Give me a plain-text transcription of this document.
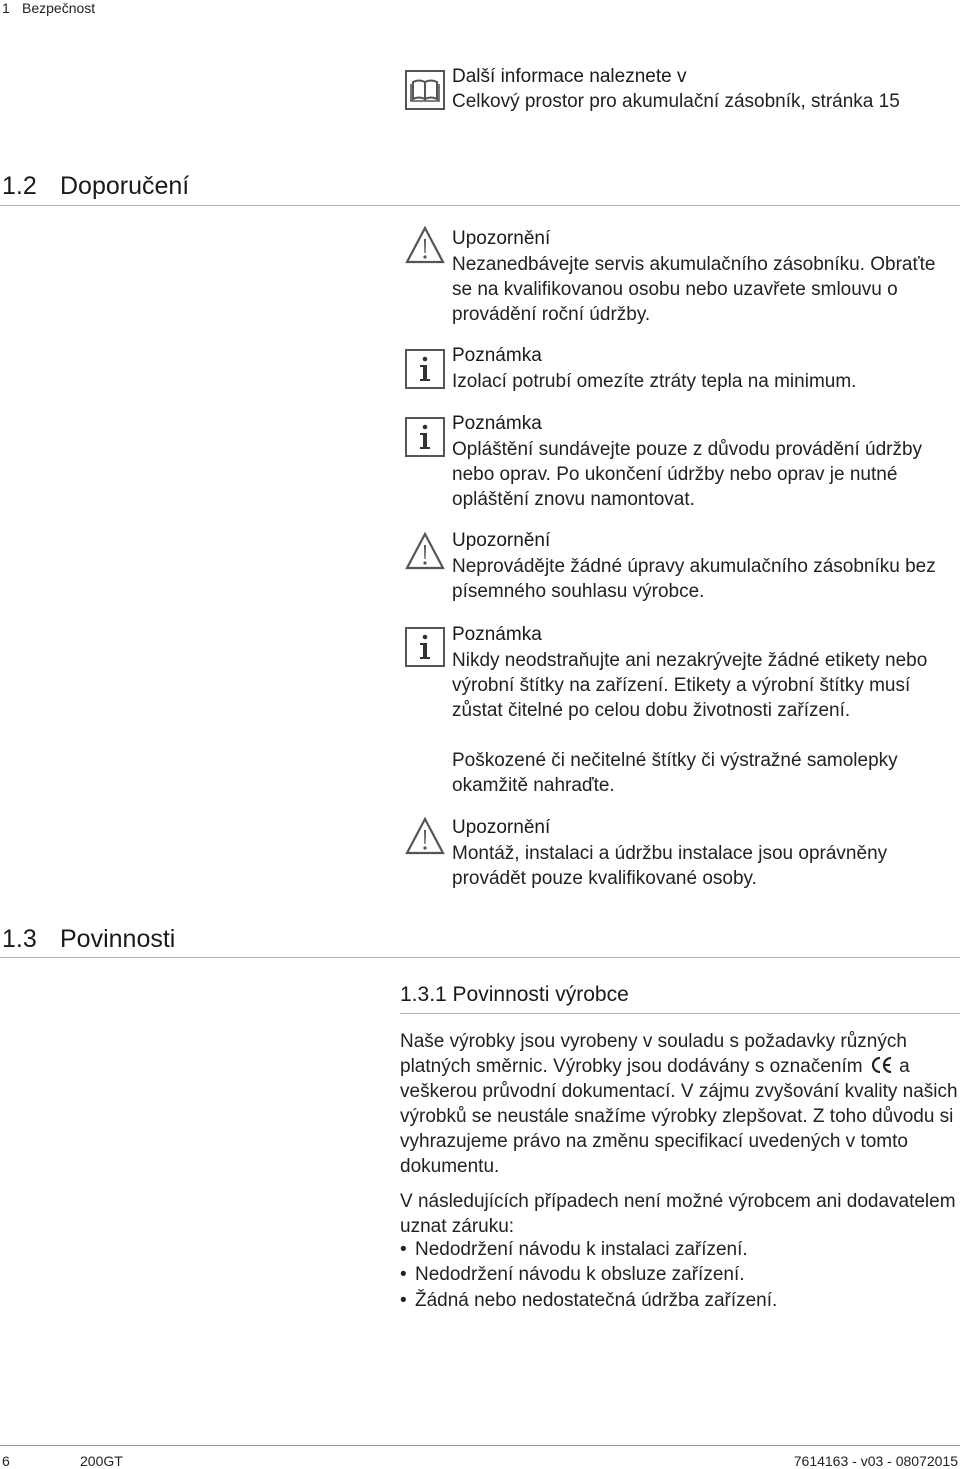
1 Bezpečnost
Další informace naleznete v
Celkový prostor pro akumulační zásobník, stránka 15
1.2 Doporučení
Upozornění
Nezanedbávejte servis akumulačního zásobníku. Obraťte se na kvalifikovanou osobu nebo uzavřete smlouvu o provádění roční údržby.
Poznámka
Izolací potrubí omezíte ztráty tepla na minimum.
Poznámka
Opláštění sundávejte pouze z důvodu provádění údržby nebo oprav. Po ukončení údržby nebo oprav je nutné opláštění znovu namontovat.
Upozornění
Neprovádějte žádné úpravy akumulačního zásobníku bez písemného souhlasu výrobce.
Poznámka
Nikdy neodstraňujte ani nezakrývejte žádné etikety nebo výrobní štítky na zařízení. Etikety a výrobní štítky musí zůstat čitelné po celou dobu životnosti zařízení.
Poškozené či nečitelné štítky či výstražné samolepky okamžitě nahraďte.
Upozornění
Montáž, instalaci a údržbu instalace jsou oprávněny provádět pouze kvalifikované osoby.
1.3 Povinnosti
1.3.1 Povinnosti výrobce
Naše výrobky jsou vyrobeny v souladu s požadavky různých platných směrnic. Výrobky jsou dodávány s označením a veškerou průvodní dokumentací. V zájmu zvyšování kvality našich výrobků se neustále snažíme výrobky zlepšovat. Z toho důvodu si vyhrazujeme právo na změnu specifikací uvedených v tomto dokumentu.
V následujících případech není možné výrobcem ani dodavatelem uznat záruku:
• Nedodržení návodu k instalaci zařízení.
• Nedodržení návodu k obsluze zařízení.
• Žádná nebo nedostatečná údržba zařízení.
6	200GT	7614163 - v03 - 08072015
